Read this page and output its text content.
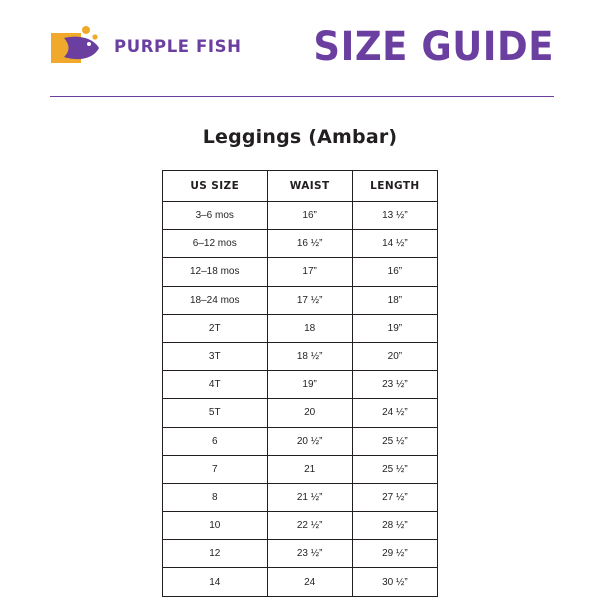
PURPLE FISH SIZE GUIDE
Leggings (Ambar)
US SIZE	WAIST	LENGTH
3–6 mos	16”	13 ½”
6–12 mos	16 ½”	14 ½”
12–18 mos	17”	16”
18–24 mos	17 ½”	18”
2T	18	19”
3T	18 ½”	20”
4T	19”	23 ½”
5T	20	24 ½”
6	20 ½”	25 ½”
7	21	25 ½”
8	21 ½”	27 ½”
10	22 ½”	28 ½”
12	23 ½”	29 ½”
14	24	30 ½”
